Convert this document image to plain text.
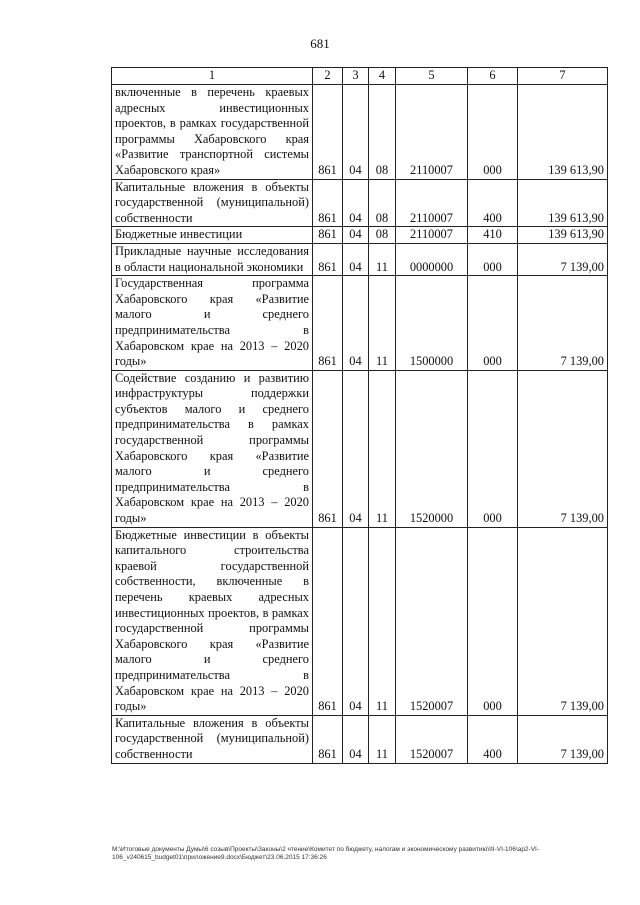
681
1	2	3	4	5	6	7
включенные в перечень краевых адресных инвестиционных проектов, в рамках государственной программы Хабаровского края «Развитие транспортной системы Хабаровского края»	861	04	08	2110007	000	139 613,90
Капитальные вложения в объекты государственной (муниципальной) собственности	861	04	08	2110007	400	139 613,90
Бюджетные инвестиции	861	04	08	2110007	410	139 613,90
Прикладные научные исследования в области национальной экономики	861	04	11	0000000	000	7 139,00
Государственная программа Хабаровского края «Развитие малого и среднего предпринимательства в Хабаровском крае на 2013 – 2020 годы»	861	04	11	1500000	000	7 139,00
Содействие созданию и развитию инфраструктуры поддержки субъектов малого и среднего предпринимательства в рамках государственной программы Хабаровского края «Развитие малого и среднего предпринимательства в Хабаровском крае на 2013 – 2020 годы»	861	04	11	1520000	000	7 139,00
Бюджетные инвестиции в объекты капитального строительства краевой государственной собственности, включенные в перечень краевых адресных инвестиционных проектов, в рамках государственной программы Хабаровского края «Развитие малого и среднего предпринимательства в Хабаровском крае на 2013 – 2020 годы»	861	04	11	1520007	000	7 139,00
Капитальные вложения в объекты государственной (муниципальной) собственности	861	04	11	1520007	400	7 139,00
M:\Итоговые документы Думы\6 созыв\Проекты\Законы\2 чтение\Комитет по бюджету, налогам и экономическому развитию\III-VI-106\ар2-VI-106_v240615_budget01\приложение9.docx\Бюджет\23.06.2015 17:36:26
